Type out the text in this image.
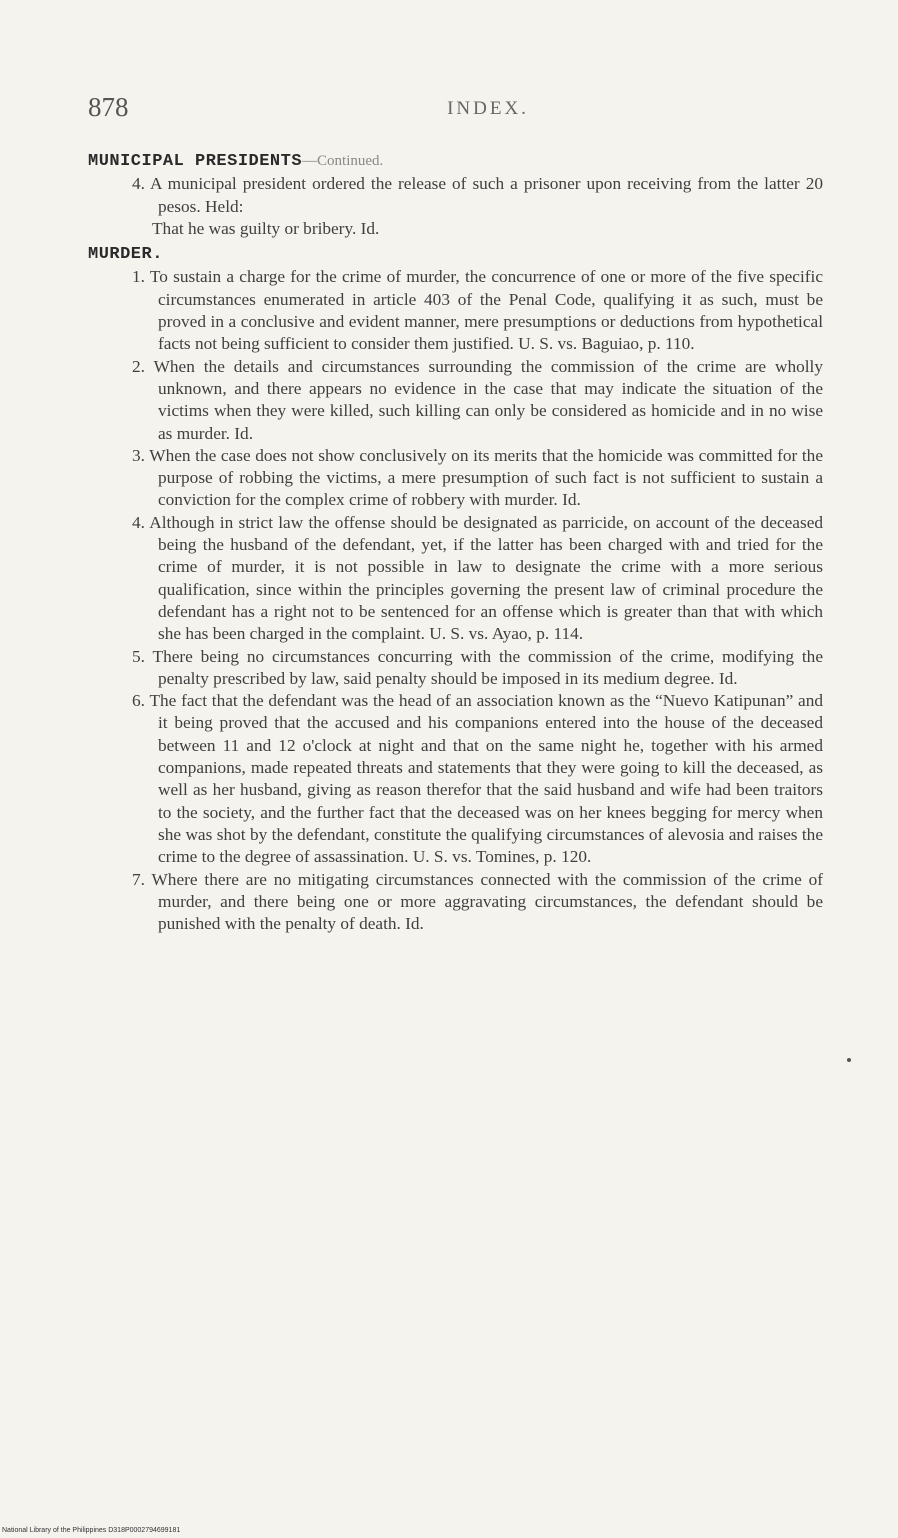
878	INDEX.

MUNICIPAL PRESIDENTS—Continued.

4. A municipal president ordered the release of such a prisoner upon receiving from the latter 20 pesos. Held:

That he was guilty or bribery. Id.

MURDER.

1. To sustain a charge for the crime of murder, the concurrence of one or more of the five specific circumstances enumerated in article 403 of the Penal Code, qualifying it as such, must be proved in a conclusive and evident manner, mere presumptions or deductions from hypothetical facts not being sufficient to consider them justified. U. S. vs. Baguiao, p. 110.

2. When the details and circumstances surrounding the commission of the crime are wholly unknown, and there appears no evidence in the case that may indicate the situation of the victims when they were killed, such killing can only be considered as homicide and in no wise as murder. Id.

3. When the case does not show conclusively on its merits that the homicide was committed for the purpose of robbing the victims, a mere presumption of such fact is not sufficient to sustain a conviction for the complex crime of robbery with murder. Id.

4. Although in strict law the offense should be designated as parricide, on account of the deceased being the husband of the defendant, yet, if the latter has been charged with and tried for the crime of murder, it is not possible in law to designate the crime with a more serious qualification, since within the principles governing the present law of criminal procedure the defendant has a right not to be sentenced for an offense which is greater than that with which she has been charged in the complaint. U. S. vs. Ayao, p. 114.

5. There being no circumstances concurring with the commission of the crime, modifying the penalty prescribed by law, said penalty should be imposed in its medium degree. Id.

6. The fact that the defendant was the head of an association known as the “Nuevo Katipunan” and it being proved that the accused and his companions entered into the house of the deceased between 11 and 12 o'clock at night and that on the same night he, together with his armed companions, made repeated threats and statements that they were going to kill the deceased, as well as her husband, giving as reason therefor that the said husband and wife had been traitors to the society, and the further fact that the deceased was on her knees begging for mercy when she was shot by the defendant, constitute the qualifying circumstances of alevosia and raises the crime to the degree of assassination. U. S. vs. Tomines, p. 120.

7. Where there are no mitigating circumstances connected with the commission of the crime of murder, and there being one or more aggravating circumstances, the defendant should be punished with the penalty of death. Id.

National Library of the Philippines D318P0002794699181
